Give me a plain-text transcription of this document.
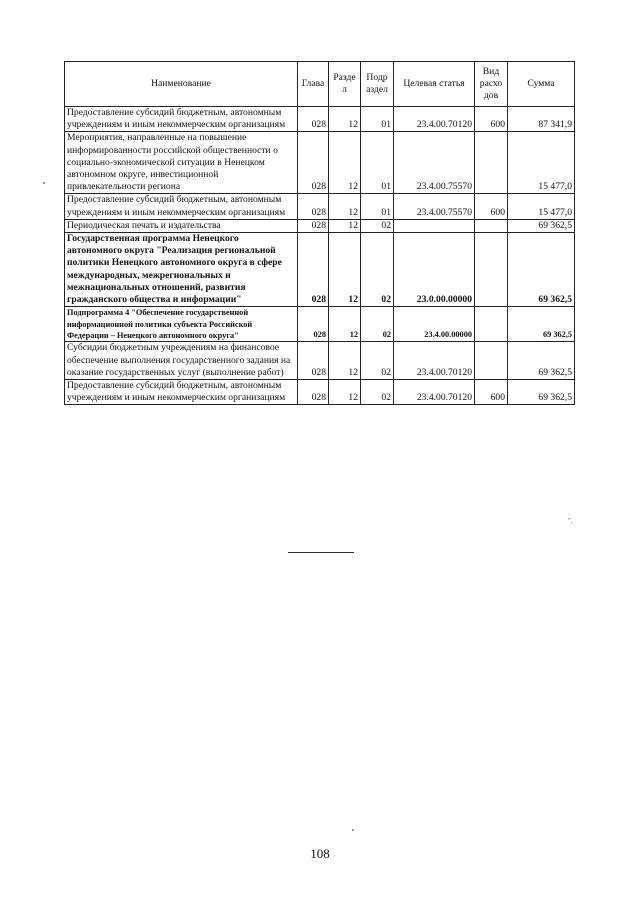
Наименование	Глава	Разде л	Подр аздел	Целевая статья	Вид расхо дов	Сумма
Предоставление субсидий бюджетным, автономным учреждениям и иным некоммерческим организациям	028	12	01	23.4.00.70120	600	87 341,9
Мероприятия, направленные на повышение информированности российской общественности о социально-экономической ситуации в Ненецком автономном округе, инвестиционной привлекательности региона	028	12	01	23.4.00.75570		15 477,0
Предоставление субсидий бюджетным, автономным учреждениям и иным некоммерческим организациям	028	12	01	23.4.00.75570	600	15 477,0
Периодическая печать и издательства	028	12	02			69 362,5
Государственная программа Ненецкого автономного округа "Реализация региональной политики Ненецкого автономного округа в сфере международных, межрегиональных и межнациональных отношений, развития гражданского общества и информации"	028	12	02	23.0.00.00000		69 362,5
Подпрограмма 4 "Обеспечение государственной информационной политики субъекта Российской Федерации – Ненецкого автономного округа"	028	12	02	23.4.00.00000		69 362,5
Субсидии бюджетным учреждениям на финансовое обеспечение выполнения государственного задания на оказание государственных услуг (выполнение работ)	028	12	02	23.4.00.70120		69 362,5
Предоставление субсидий бюджетным, автономным учреждениям и иным некоммерческим организациям	028	12	02	23.4.00.70120	600	69 362,5
".
108
